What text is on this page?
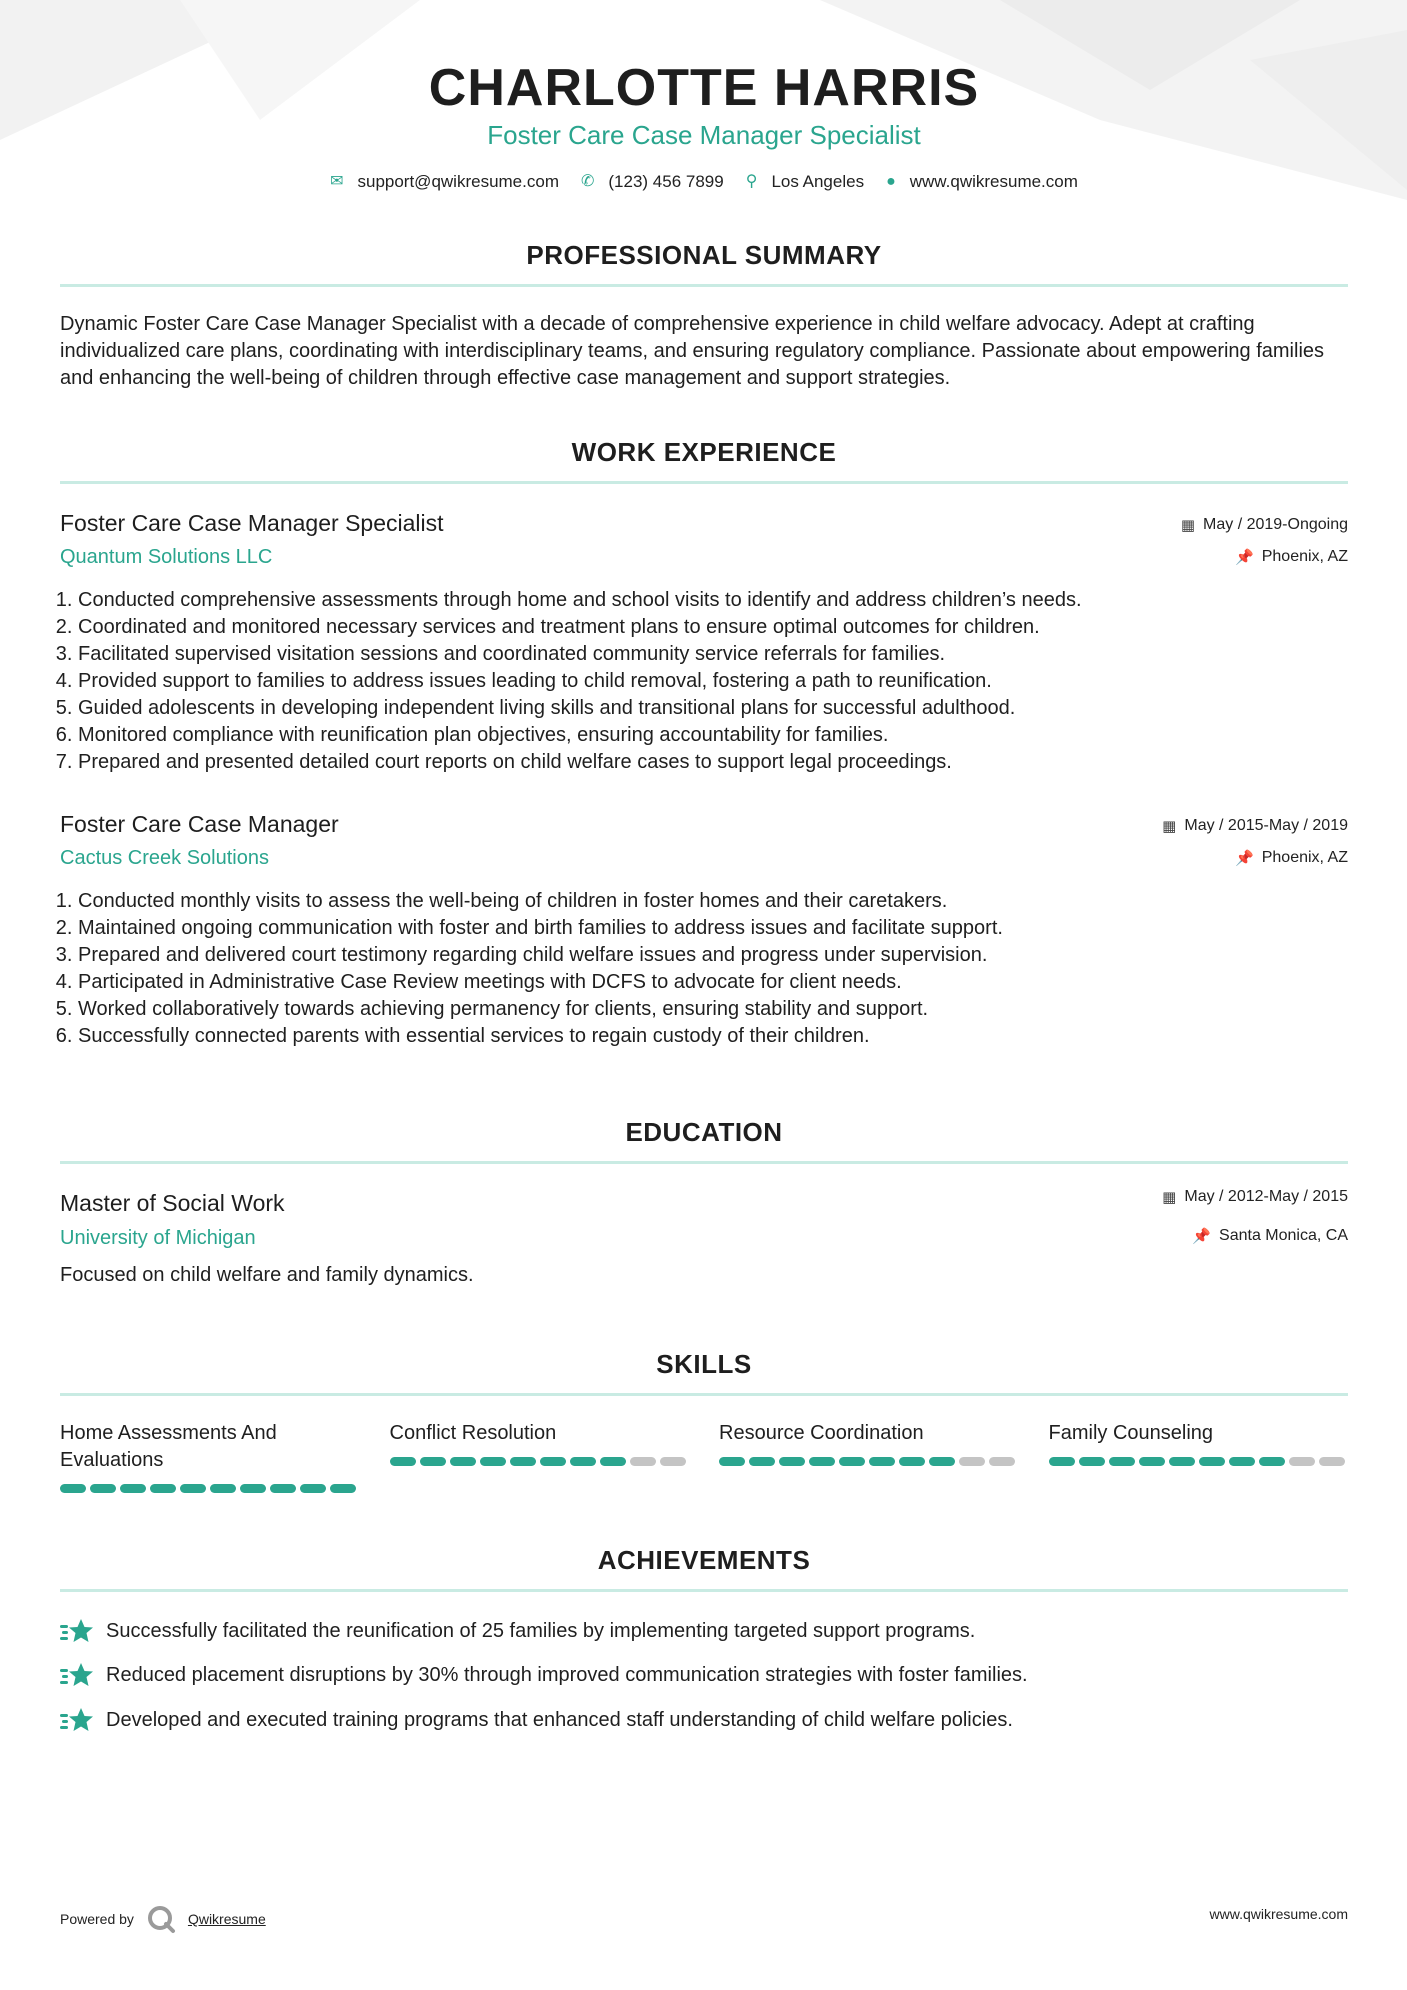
CHARLOTTE HARRIS
Foster Care Case Manager Specialist
✉ support@qwikresume.com ✆ (123) 456 7899 ⚲ Los Angeles ● www.qwikresume.com
PROFESSIONAL SUMMARY
Dynamic Foster Care Case Manager Specialist with a decade of comprehensive experience in child welfare advocacy. Adept at crafting individualized care plans, coordinating with interdisciplinary teams, and ensuring regulatory compliance. Passionate about empowering families and enhancing the well-being of children through effective case management and support strategies.
WORK EXPERIENCE
Foster Care Case Manager Specialist
Quantum Solutions LLC
▦ May / 2019-Ongoing
📌 Phoenix, AZ
1. Conducted comprehensive assessments through home and school visits to identify and address children’s needs.
2. Coordinated and monitored necessary services and treatment plans to ensure optimal outcomes for children.
3. Facilitated supervised visitation sessions and coordinated community service referrals for families.
4. Provided support to families to address issues leading to child removal, fostering a path to reunification.
5. Guided adolescents in developing independent living skills and transitional plans for successful adulthood.
6. Monitored compliance with reunification plan objectives, ensuring accountability for families.
7. Prepared and presented detailed court reports on child welfare cases to support legal proceedings.
Foster Care Case Manager
Cactus Creek Solutions
▦ May / 2015-May / 2019
📌 Phoenix, AZ
1. Conducted monthly visits to assess the well-being of children in foster homes and their caretakers.
2. Maintained ongoing communication with foster and birth families to address issues and facilitate support.
3. Prepared and delivered court testimony regarding child welfare issues and progress under supervision.
4. Participated in Administrative Case Review meetings with DCFS to advocate for client needs.
5. Worked collaboratively towards achieving permanency for clients, ensuring stability and support.
6. Successfully connected parents with essential services to regain custody of their children.
EDUCATION
Master of Social Work
University of Michigan
▦ May / 2012-May / 2015
📌 Santa Monica, CA
Focused on child welfare and family dynamics.
SKILLS
Home Assessments And Evaluations
Conflict Resolution	Resource Coordination	Family Counseling
ACHIEVEMENTS
Successfully facilitated the reunification of 25 families by implementing targeted support programs.
Reduced placement disruptions by 30% through improved communication strategies with foster families.
Developed and executed training programs that enhanced staff understanding of child welfare policies.
Powered by	Qwikresume	www.qwikresume.com
